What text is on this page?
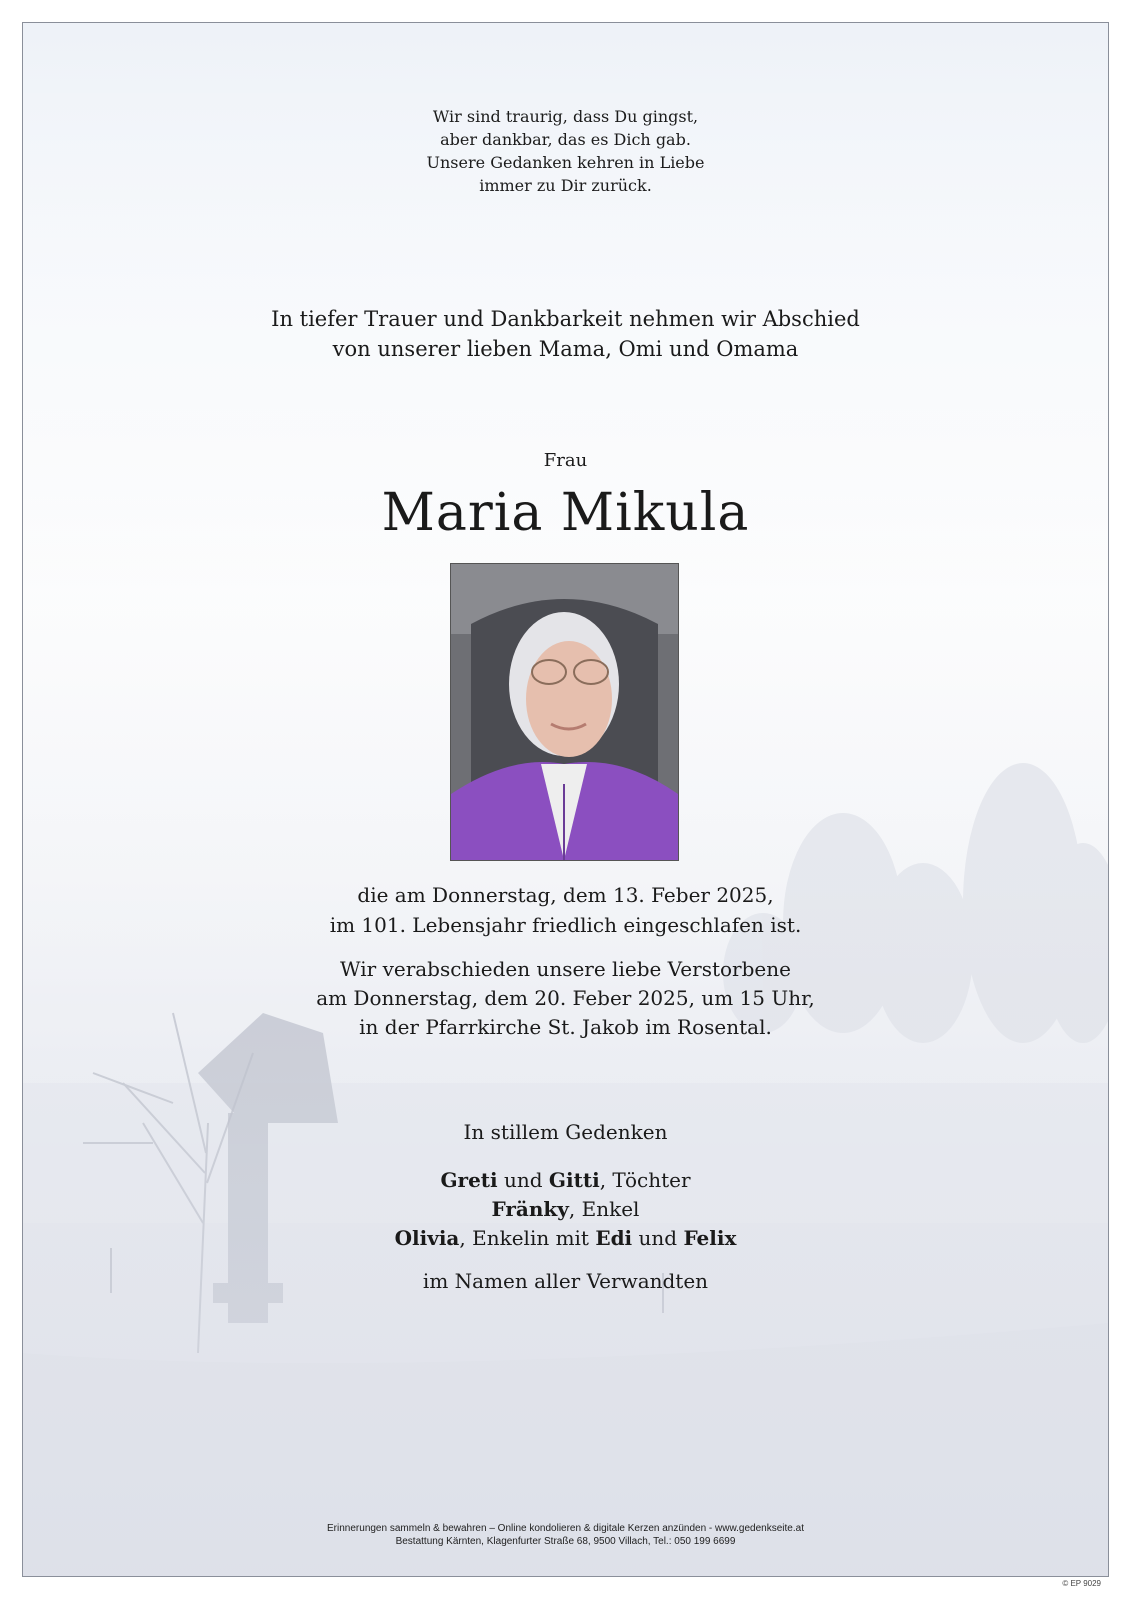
Wir sind traurig, dass Du gingst,
aber dankbar, das es Dich gab.
Unsere Gedanken kehren in Liebe
immer zu Dir zurück.
In tiefer Trauer und Dankbarkeit nehmen wir Abschied
von unserer lieben Mama, Omi und Omama
Frau
Maria Mikula
die am Donnerstag, dem 13. Feber 2025,
im 101. Lebensjahr friedlich eingeschlafen ist.
Wir verabschieden unsere liebe Verstorbene
am Donnerstag, dem 20. Feber 2025, um 15 Uhr,
in der Pfarrkirche St. Jakob im Rosental.
In stillem Gedenken
Greti und Gitti, Töchter
Fränky, Enkel
Olivia, Enkelin mit Edi und Felix
im Namen aller Verwandten
Erinnerungen sammeln & bewahren – Online kondolieren & digitale Kerzen anzünden - www.gedenkseite.at
Bestattung Kärnten, Klagenfurter Straße 68, 9500 Villach, Tel.: 050 199 6699
© EP 9029
